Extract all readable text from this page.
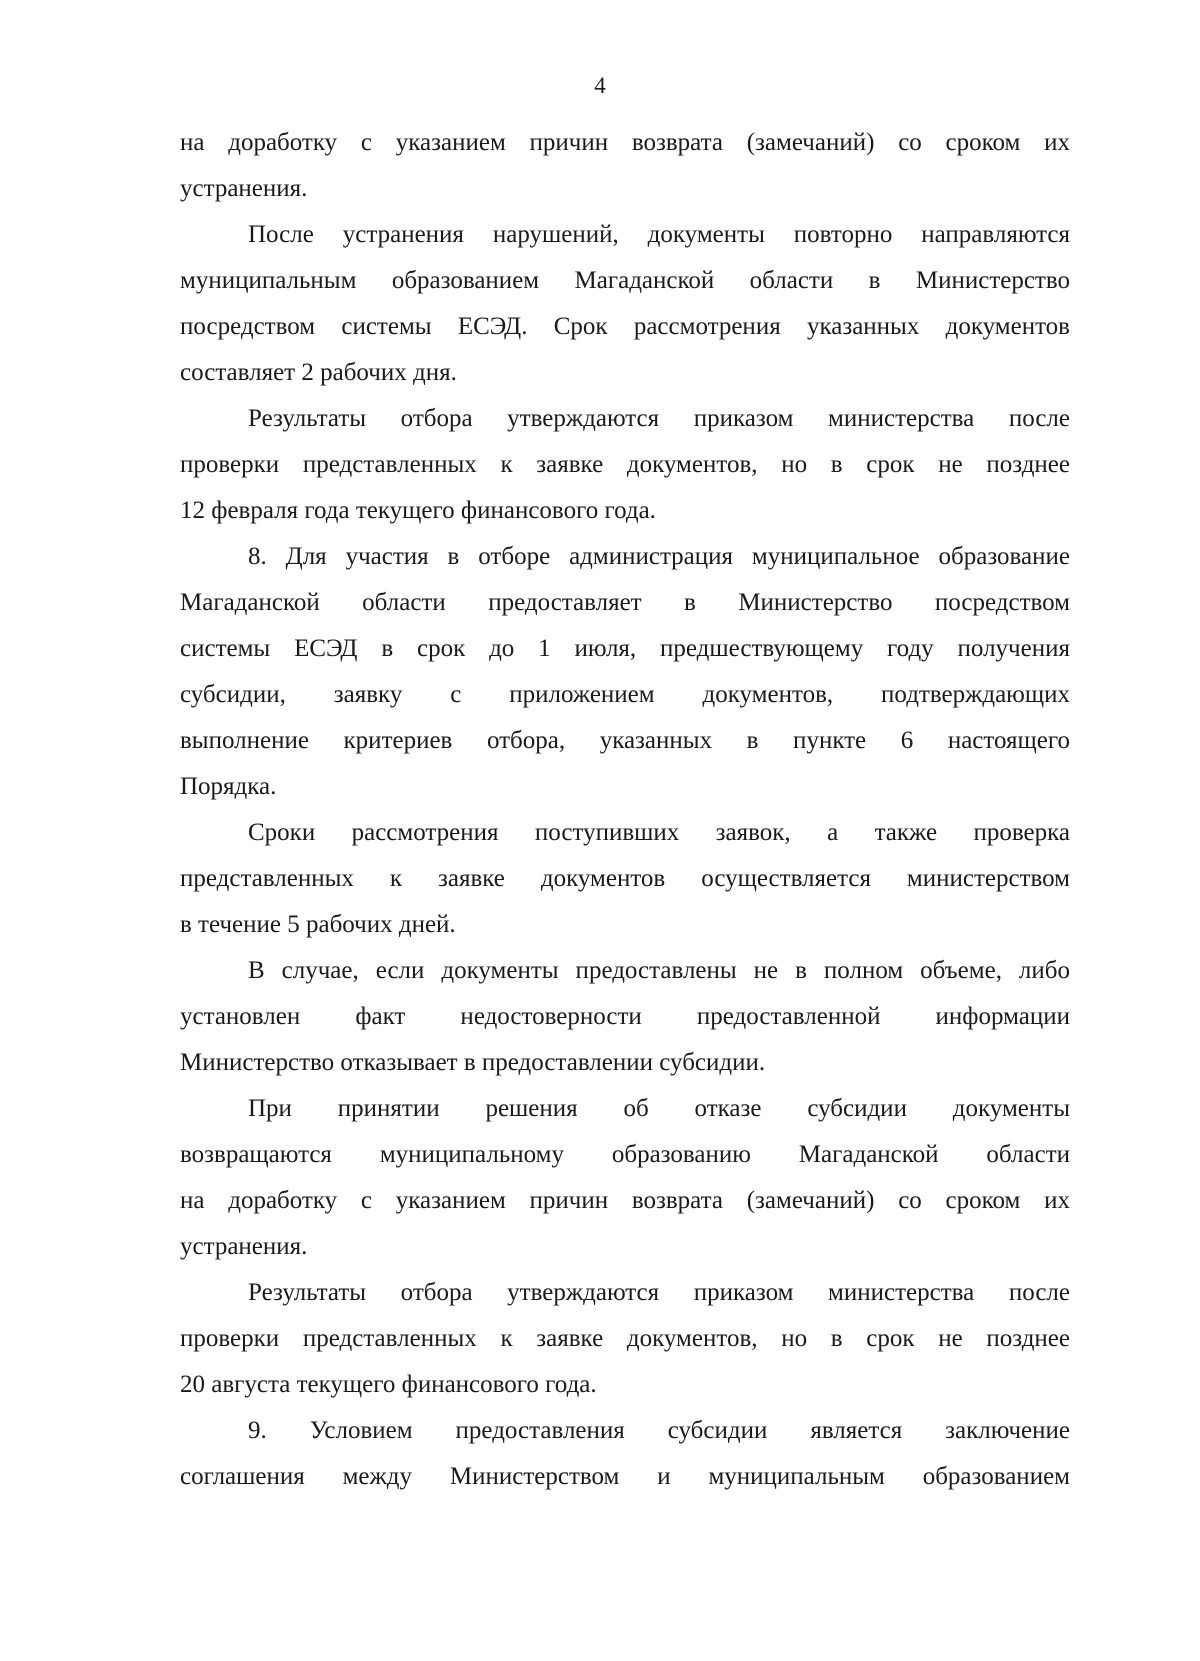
4
на доработку с указанием причин возврата (замечаний) со сроком их
устранения.
После устранения нарушений, документы повторно направляются
муниципальным образованием Магаданской области в Министерство
посредством системы ЕСЭД. Срок рассмотрения указанных документов
составляет 2 рабочих дня.
Результаты отбора утверждаются приказом министерства после
проверки представленных к заявке документов, но в срок не позднее
12 февраля года текущего финансового года.
8. Для участия в отборе администрация муниципальное образование
Магаданской области предоставляет в Министерство посредством
системы ЕСЭД в срок до 1 июля, предшествующему году получения
субсидии, заявку с приложением документов, подтверждающих
выполнение критериев отбора, указанных в пункте 6 настоящего
Порядка.
Сроки рассмотрения поступивших заявок, а также проверка
представленных к заявке документов осуществляется министерством
в течение 5 рабочих дней.
В случае, если документы предоставлены не в полном объеме, либо
установлен факт недостоверности предоставленной информации
Министерство отказывает в предоставлении субсидии.
При принятии решения об отказе субсидии документы
возвращаются муниципальному образованию Магаданской области
на доработку с указанием причин возврата (замечаний) со сроком их
устранения.
Результаты отбора утверждаются приказом министерства после
проверки представленных к заявке документов, но в срок не позднее
20 августа текущего финансового года.
9. Условием предоставления субсидии является заключение
соглашения между Министерством и муниципальным образованием
